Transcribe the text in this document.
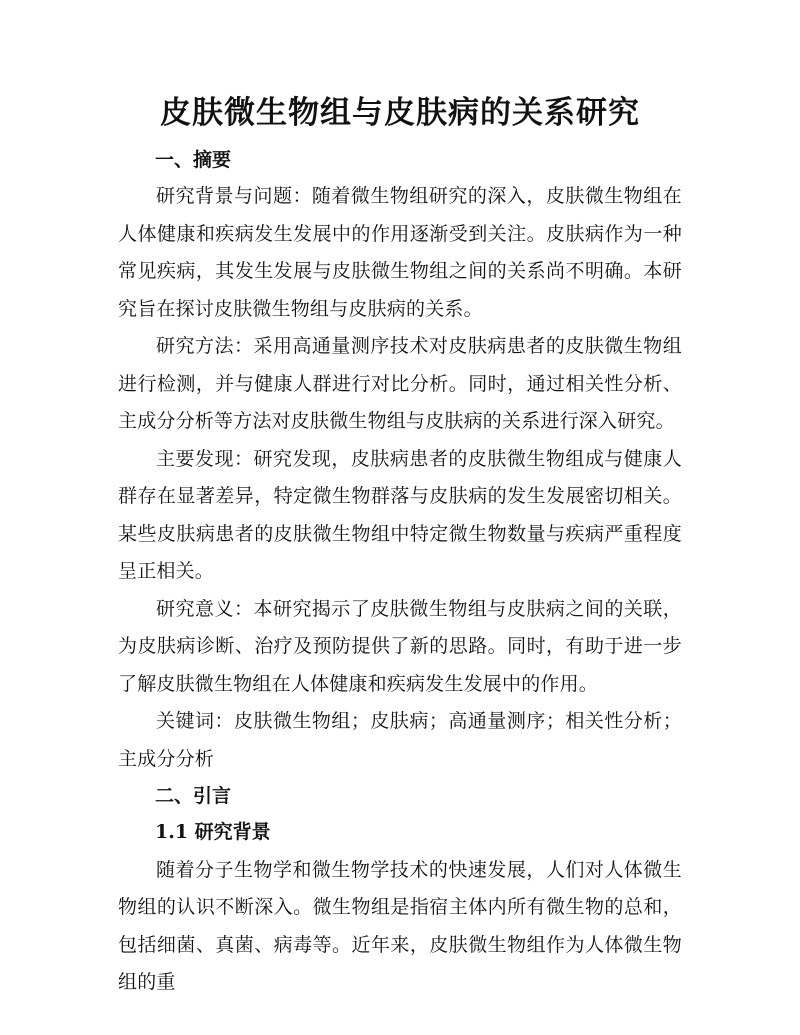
皮肤微生物组与皮肤病的关系研究
一、摘要

研究背景与问题：随着微生物组研究的深入，皮肤微生物组在人体健康和疾病发生发展中的作用逐渐受到关注。皮肤病作为一种常见疾病，其发生发展与皮肤微生物组之间的关系尚不明确。本研究旨在探讨皮肤微生物组与皮肤病的关系。

研究方法：采用高通量测序技术对皮肤病患者的皮肤微生物组进行检测，并与健康人群进行对比分析。同时，通过相关性分析、主成分分析等方法对皮肤微生物组与皮肤病的关系进行深入研究。

主要发现：研究发现，皮肤病患者的皮肤微生物组成与健康人群存在显著差异，特定微生物群落与皮肤病的发生发展密切相关。某些皮肤病患者的皮肤微生物组中特定微生物数量与疾病严重程度呈正相关。

研究意义：本研究揭示了皮肤微生物组与皮肤病之间的关联，为皮肤病诊断、治疗及预防提供了新的思路。同时，有助于进一步了解皮肤微生物组在人体健康和疾病发生发展中的作用。

关键词：皮肤微生物组；皮肤病；高通量测序；相关性分析；主成分分析

二、引言
1.1 研究背景

随着分子生物学和微生物学技术的快速发展，人们对人体微生物组的认识不断深入。微生物组是指宿主体内所有微生物的总和，包括细菌、真菌、病毒等。近年来，皮肤微生物组作为人体微生物组的重
